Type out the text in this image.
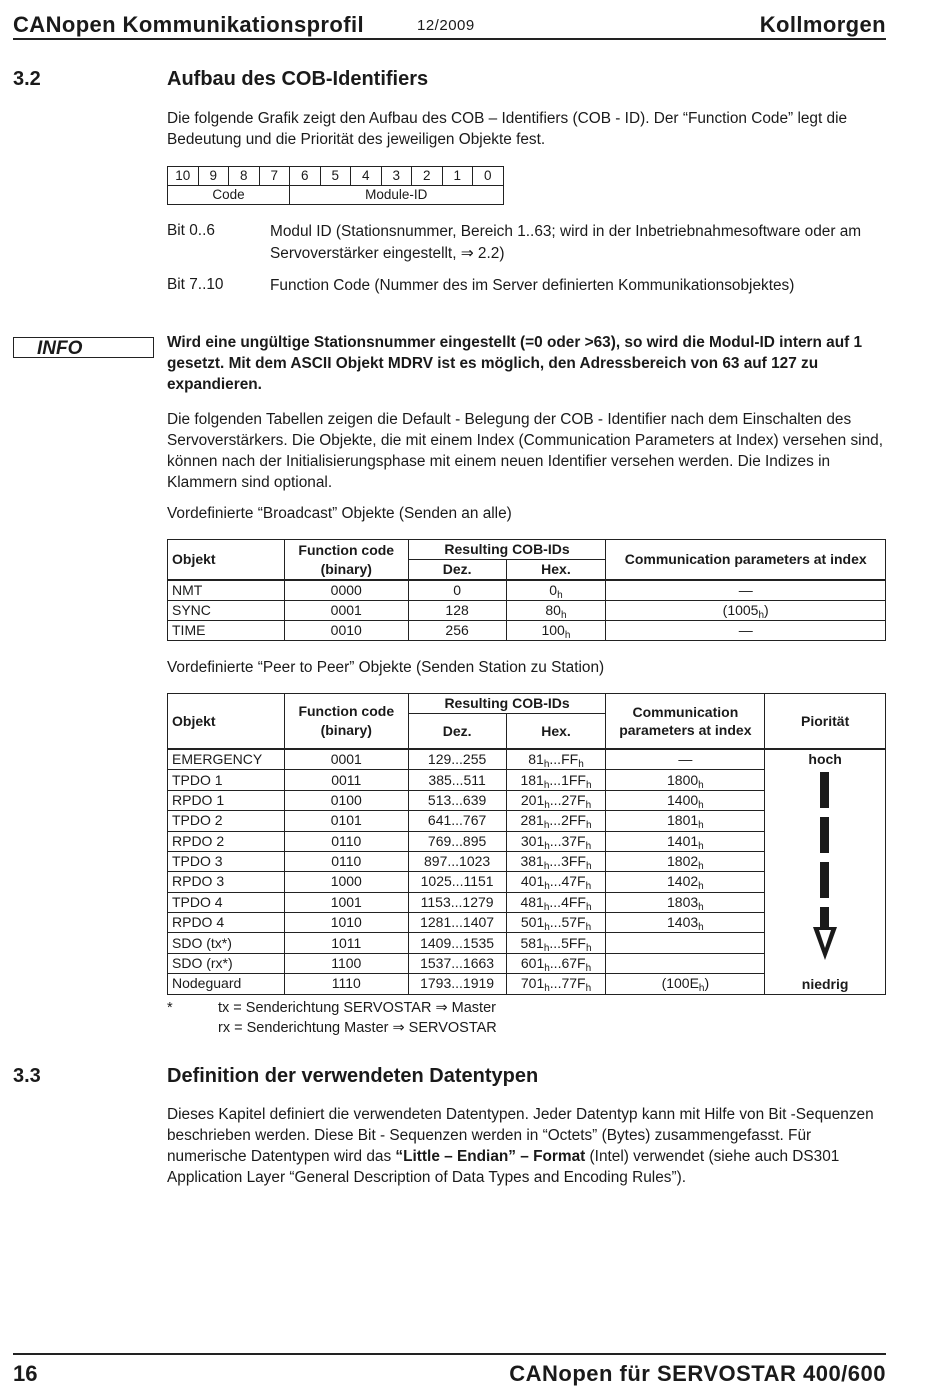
CANopen Kommunikationsprofil	12/2009	Kollmorgen
3.2	Aufbau des COB-Identifiers
Die folgende Grafik zeigt den Aufbau des COB – Identifiers (COB - ID). Der “Function Code” legt die Bedeutung und die Priorität des jeweiligen Objekte fest.
10	9	8	7	6	5	4	3	2	1	0
Code				Module-ID						
Bit 0..6	Modul ID (Stationsnummer, Bereich 1..63; wird in der Inbetriebnahmesoftware oder am Servoverstärker eingestellt, ⇒ 2.2)
Bit 7..10	Function Code (Nummer des im Server definierten Kommunikationsobjektes)
INFO	Wird eine ungültige Stationsnummer eingestellt (=0 oder >63), so wird die Modul-ID intern auf 1 gesetzt. Mit dem ASCII Objekt MDRV ist es möglich, den Adressbereich von 63 auf 127 zu expandieren.
Die folgenden Tabellen zeigen die Default - Belegung der COB - Identifier nach dem Einschalten des Servoverstärkers. Die Objekte, die mit einem Index (Communication Parameters at Index) versehen sind, können nach der Initialisierungsphase mit einem neuen Identifier versehen werden. Die Indizes in Klammern sind optional.
Vordefinierte “Broadcast” Objekte (Senden an alle)
Objekt	Function code (binary)	Resulting COB-IDs		Communication parameters at index
		Dez.	Hex.	
NMT	0000	0	$0_h$	—
SYNC	0001	128	$80_h$	$(1005_h)$
TIME	0010	256	$100_h$	—
Vordefinierte “Peer to Peer” Objekte (Senden Station zu Station)
Objekt	Function code (binary)	Resulting COB-IDs		Communication parameters at index	Piorität
		Dez.	Hex.		
EMERGENCY	0001	129...255	$81_h...FF_h$	—	hoch
niedrig

TPDO 1	0011	385...511	$181_h...1FF_h$	$1800_h$
RPDO 1	0100	513...639	$201_h...27F_h$	$1400_h$
TPDO 2	0101	641...767	$281_h...2FF_h$	$1801_h$
RPDO 2	0110	769...895	$301_h...37F_h$	$1401_h$
TPDO 3	0110	897...1023	$381_h...3FF_h$	$1802_h$
RPDO 3	1000	1025...1151	$401_h...47F_h$	$1402_h$
TPDO 4	1001	1153...1279	$481_h...4FF_h$	$1803_h$
RPDO 4	1010	1281...1407	$501_h...57F_h$	$1403_h$
SDO (tx*)	1011	1409...1535	$581_h...5FF_h$	
SDO (rx*)	1100	1537...1663	$601_h...67F_h$	
Nodeguard	1110	1793...1919	$701_h...77F_h$	$(100E_h)$	
*	tx = Senderichtung SERVOSTAR ⇒ Master
rx = Senderichtung Master ⇒ SERVOSTAR
3.3	Definition der verwendeten Datentypen
Dieses Kapitel definiert die verwendeten Datentypen. Jeder Datentyp kann mit Hilfe von Bit -Sequenzen beschrieben werden. Diese Bit - Sequenzen werden in “Octets” (Bytes) zusammengefasst. Für numerische Datentypen wird das “Little – Endian” – Format (Intel) verwendet (siehe auch DS301 Application Layer “General Description of Data Types and Encoding Rules”).
16	CANopen für SERVOSTAR 400/600
